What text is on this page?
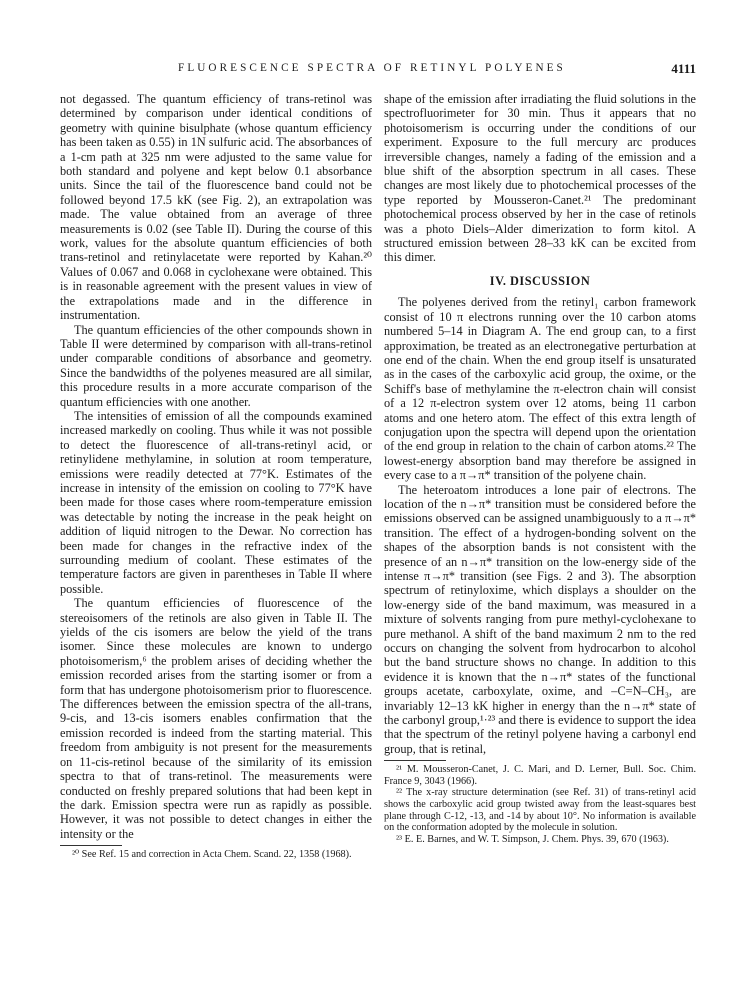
FLUORESCENCE SPECTRA OF RETINYL POLYENES	4111

not degassed. The quantum efficiency of trans-retinol was determined by comparison under identical conditions of geometry with quinine bisulphate (whose quantum efficiency has been taken as 0.55) in 1N sulfuric acid. The absorbances of a 1-cm path at 325 nm were adjusted to the same value for both standard and polyene and kept below 0.1 absorbance units. Since the tail of the fluorescence band could not be followed beyond 17.5 kK (see Fig. 2), an extrapolation was made. The value obtained from an average of three measurements is 0.02 (see Table II). During the course of this work, values for the absolute quantum efficiencies of both trans-retinol and retinylacetate were reported by Kahan.²⁰ Values of 0.067 and 0.068 in cyclohexane were obtained. This is in reasonable agreement with the present values in view of the extrapolations made and in the difference in instrumentation.

The quantum efficiencies of the other compounds shown in Table II were determined by comparison with all-trans-retinol under comparable conditions of absorbance and geometry. Since the bandwidths of the polyenes measured are all similar, this procedure results in a more accurate comparison of the quantum efficiencies with one another.

The intensities of emission of all the compounds examined increased markedly on cooling. Thus while it was not possible to detect the fluorescence of all-trans-retinyl acid, or retinylidene methylamine, in solution at room temperature, emissions were readily detected at 77°K. Estimates of the increase in intensity of the emission on cooling to 77°K have been made for those cases where room-temperature emission was detectable by noting the increase in the peak height on addition of liquid nitrogen to the Dewar. No correction has been made for changes in the refractive index of the surrounding medium of coolant. These estimates of the temperature factors are given in parentheses in Table II where possible.

The quantum efficiencies of fluorescence of the stereoisomers of the retinols are also given in Table II. The yields of the cis isomers are below the yield of the trans isomer. Since these molecules are known to undergo photoisomerism,⁶ the problem arises of deciding whether the emission recorded arises from the starting isomer or from a form that has undergone photoisomerism prior to fluorescence. The differences between the emission spectra of the all-trans, 9-cis, and 13-cis isomers enables confirmation that the emission recorded is indeed from the starting material. This freedom from ambiguity is not present for the measurements on 11-cis-retinol because of the similarity of its emission spectra to that of trans-retinol. The measurements were conducted on freshly prepared solutions that had been kept in the dark. Emission spectra were run as rapidly as possible. However, it was not possible to detect changes in either the intensity or the

²⁰ See Ref. 15 and correction in Acta Chem. Scand. 22, 1358 (1968).

shape of the emission after irradiating the fluid solutions in the spectrofluorimeter for 30 min. Thus it appears that no photoisomerism is occurring under the conditions of our experiment. Exposure to the full mercury arc produces irreversible changes, namely a fading of the emission and a blue shift of the absorption spectrum in all cases. These changes are most likely due to photochemical processes of the type reported by Mousseron-Canet.²¹ The predominant photochemical process observed by her in the case of retinols was a photo Diels–Alder dimerization to form kitol. A structured emission between 28–33 kK can be excited from this dimer.

IV. DISCUSSION

The polyenes derived from the retinyl₁ carbon framework consist of 10 π electrons running over the 10 carbon atoms numbered 5–14 in Diagram A. The end group can, to a first approximation, be treated as an electronegative perturbation at one end of the chain. When the end group itself is unsaturated as in the cases of the carboxylic acid group, the oxime, or the Schiff's base of methylamine the π-electron chain will consist of a 12 π-electron system over 12 atoms, being 11 carbon atoms and one hetero atom. The effect of this extra length of conjugation upon the spectra will depend upon the orientation of the end group in relation to the chain of carbon atoms.²² The lowest-energy absorption band may therefore be assigned in every case to a π→π* transition of the polyene chain.

The heteroatom introduces a lone pair of electrons. The location of the n→π* transition must be considered before the emissions observed can be assigned unambiguously to a π→π* transition. The effect of a hydrogen-bonding solvent on the shapes of the absorption bands is not consistent with the presence of an n→π* transition on the low-energy side of the intense π→π* transition (see Figs. 2 and 3). The absorption spectrum of retinyloxime, which displays a shoulder on the low-energy side of the band maximum, was measured in a mixture of solvents ranging from pure methyl-cyclohexane to pure methanol. A shift of the band maximum 2 nm to the red occurs on changing the solvent from hydrocarbon to alcohol but the band structure shows no change. In addition to this evidence it is known that the n→π* states of the functional groups acetate, carboxylate, oxime, and –C=N–CH₃, are invariably 12–13 kK higher in energy than the n→π* state of the carbonyl group,¹·²³ and there is evidence to support the idea that the spectrum of the retinyl polyene having a carbonyl end group, that is retinal,

²¹ M. Mousseron-Canet, J. C. Mari, and D. Lerner, Bull. Soc. Chim. France 9, 3043 (1966).

²² The x-ray structure determination (see Ref. 31) of trans-retinyl acid shows the carboxylic acid group twisted away from the least-squares best plane through C-12, -13, and -14 by about 10°. No information is available on the conformation adopted by the molecule in solution.

²³ E. E. Barnes, and W. T. Simpson, J. Chem. Phys. 39, 670 (1963).
